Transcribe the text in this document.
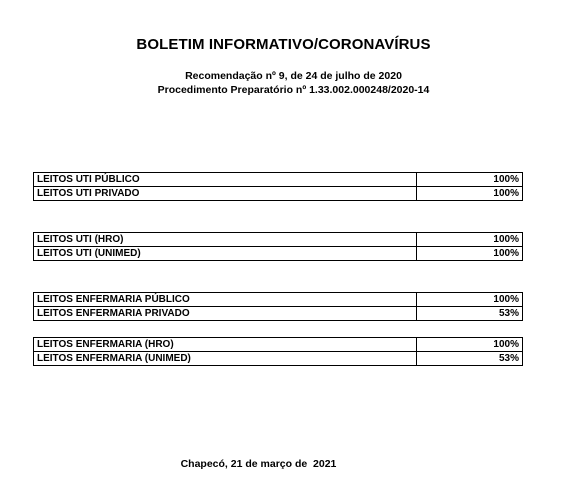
BOLETIM INFORMATIVO/CORONAVÍRUS
Recomendação nº 9, de 24 de julho de 2020
Procedimento Preparatório nº 1.33.002.000248/2020-14
LEITOS UTI PÚBLICO	100%
LEITOS UTI PRIVADO	100%
LEITOS UTI (HRO)	100%
LEITOS UTI (UNIMED)	100%
LEITOS ENFERMARIA PÚBLICO	100%
LEITOS ENFERMARIA PRIVADO	53%
LEITOS ENFERMARIA (HRO)	100%
LEITOS ENFERMARIA (UNIMED)	53%
Chapecó, 21 de março de  2021
